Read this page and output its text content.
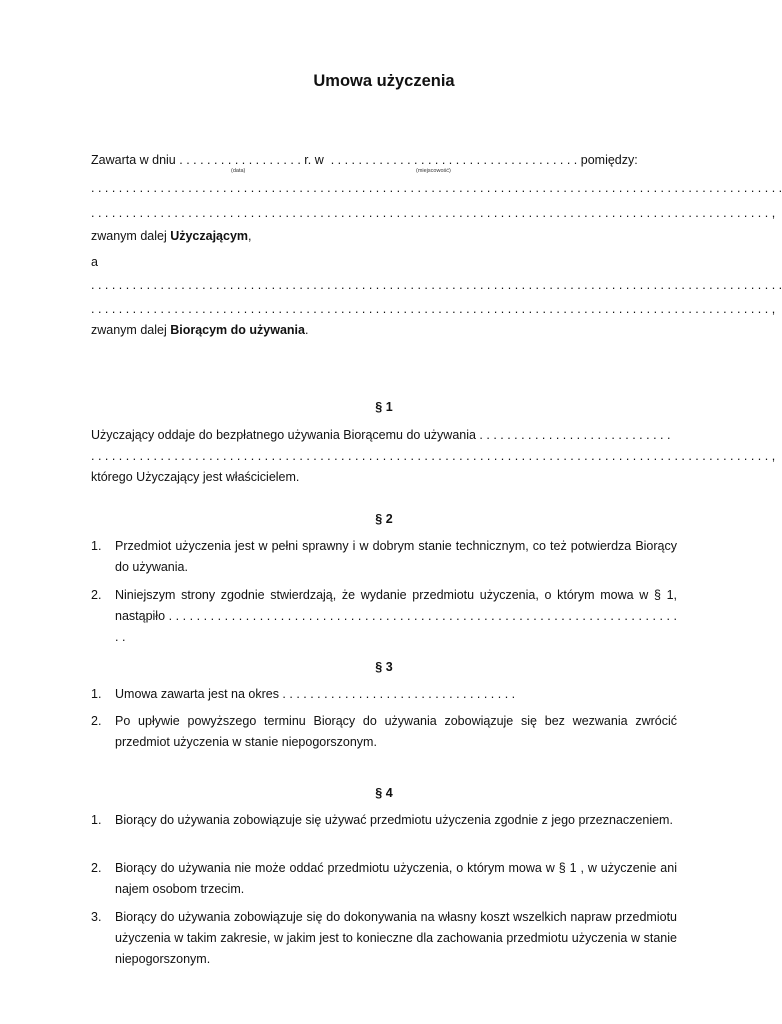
Umowa użyczenia
Zawarta w dniu . . . . . . . . . . . . . . . . . . r. w . . . . . . . . . . . . . . . . . . . . . . . . . . . . . . . . . . . . pomiędzy:
(data)	(miejscowość)
. . . . . . . . . . . . . . . . . . . . . . . . . . . . . . . . . . . . . . . . . . . . . . . . . . . . . . . . . . . . . . . . . . . . . . . . . . . . . . . . . . . . . . . . . . . . . . . . . . . .
. . . . . . . . . . . . . . . . . . . . . . . . . . . . . . . . . . . . . . . . . . . . . . . . . . . . . . . . . . . . . . . . . . . . . . . . . . . . . . . . . . . . . . . . . . . . . . . . . . ,
zwanym dalej Użyczającym,
a
. . . . . . . . . . . . . . . . . . . . . . . . . . . . . . . . . . . . . . . . . . . . . . . . . . . . . . . . . . . . . . . . . . . . . . . . . . . . . . . . . . . . . . . . . . . . . . . . . . . .
. . . . . . . . . . . . . . . . . . . . . . . . . . . . . . . . . . . . . . . . . . . . . . . . . . . . . . . . . . . . . . . . . . . . . . . . . . . . . . . . . . . . . . . . . . . . . . . . . . ,
zwanym dalej Biorącym do używania.
§ 1
Użyczający oddaje do bezpłatnego używania Biorącemu do używania . . . . . . . . . . . . . . . . . . . . . . . . . . . .
. . . . . . . . . . . . . . . . . . . . . . . . . . . . . . . . . . . . . . . . . . . . . . . . . . . . . . . . . . . . . . . . . . . . . . . . . . . . . . . . . . . . . . . . . . . . . . . . . . ,
którego Użyczający jest właścicielem.
§ 2
1. Przedmiot użyczenia jest w pełni sprawny i w dobrym stanie technicznym, co też potwierdza Biorący do używania.
2. Niniejszym strony zgodnie stwierdzają, że wydanie przedmiotu użyczenia, o którym mowa w § 1, nastąpiło . . . . . . . . . . . . . . . . . . . . . . . . . . . . . . . . . . . . . . . . . . . . . . . . . . . . . . . . . . . . . . . . . . . . . . . . . . .
§ 3
1. Umowa zawarta jest na okres . . . . . . . . . . . . . . . . . . . . . . . . . . . . . . . . . .
2. Po upływie powyższego terminu Biorący do używania zobowiązuje się bez wezwania zwrócić przedmiot użyczenia w stanie niepogorszonym.
§ 4
1. Biorący do używania zobowiązuje się używać przedmiotu użyczenia zgodnie z jego przeznaczeniem.
2. Biorący do używania nie może oddać przedmiotu użyczenia, o którym mowa w § 1 , w użyczenie ani najem osobom trzecim.
3. Biorący do używania zobowiązuje się do dokonywania na własny koszt wszelkich napraw przedmiotu użyczenia w takim zakresie, w jakim jest to konieczne dla zachowania przedmiotu użyczenia w stanie niepogorszonym.
